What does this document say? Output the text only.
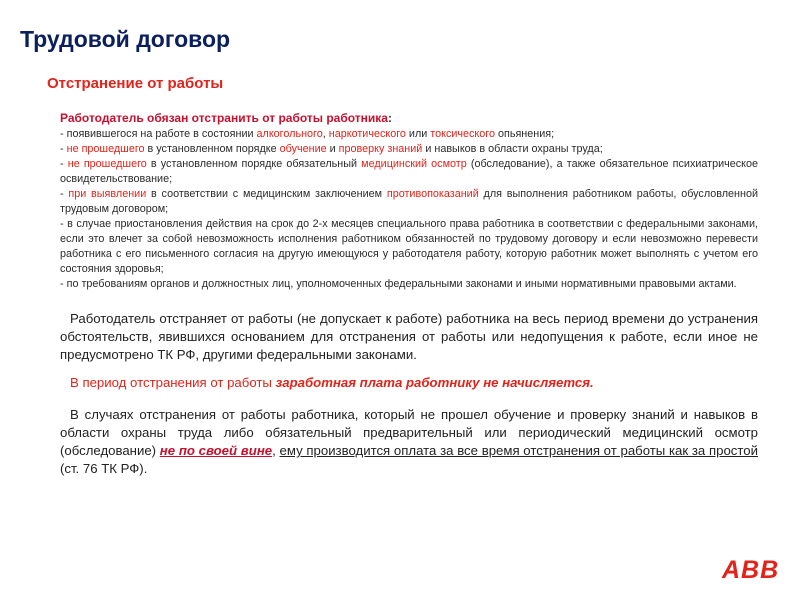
Трудовой договор
Отстранение от работы
Работодатель обязан отстранить от работы работника:
- появившегося на работе в состоянии алкогольного, наркотического или токсического опьянения;
- не прошедшего в установленном порядке обучение и проверку знаний и навыков в области охраны труда;
- не прошедшего в установленном порядке обязательный медицинский осмотр (обследование), а также обязательное психиатрическое освидетельствование;
- при выявлении в соответствии с медицинским заключением противопоказаний для выполнения работником работы, обусловленной трудовым договором;
- в случае приостановления действия на срок до 2-х месяцев специального права работника в соответствии с федеральными законами, если это влечет за собой невозможность исполнения работником обязанностей по трудовому договору и если невозможно перевести работника с его письменного согласия на другую имеющуюся у работодателя работу, которую работник может выполнять с учетом его состояния здоровья;
- по требованиям органов и должностных лиц, уполномоченных федеральными законами и иными нормативными правовыми актами.
Работодатель отстраняет от работы (не допускает к работе) работника на весь период времени до устранения обстоятельств, явившихся основанием для отстранения от работы или недопущения к работе, если иное не предусмотрено ТК РФ, другими федеральными законами.
В период отстранения от работы заработная плата работнику не начисляется.
В случаях отстранения от работы работника, который не прошел обучение и проверку знаний и навыков в области охраны труда либо обязательный предварительный или периодический медицинский осмотр (обследование) не по своей вине, ему производится оплата за все время отстранения от работы как за простой (ст. 76 ТК РФ).
ABB
